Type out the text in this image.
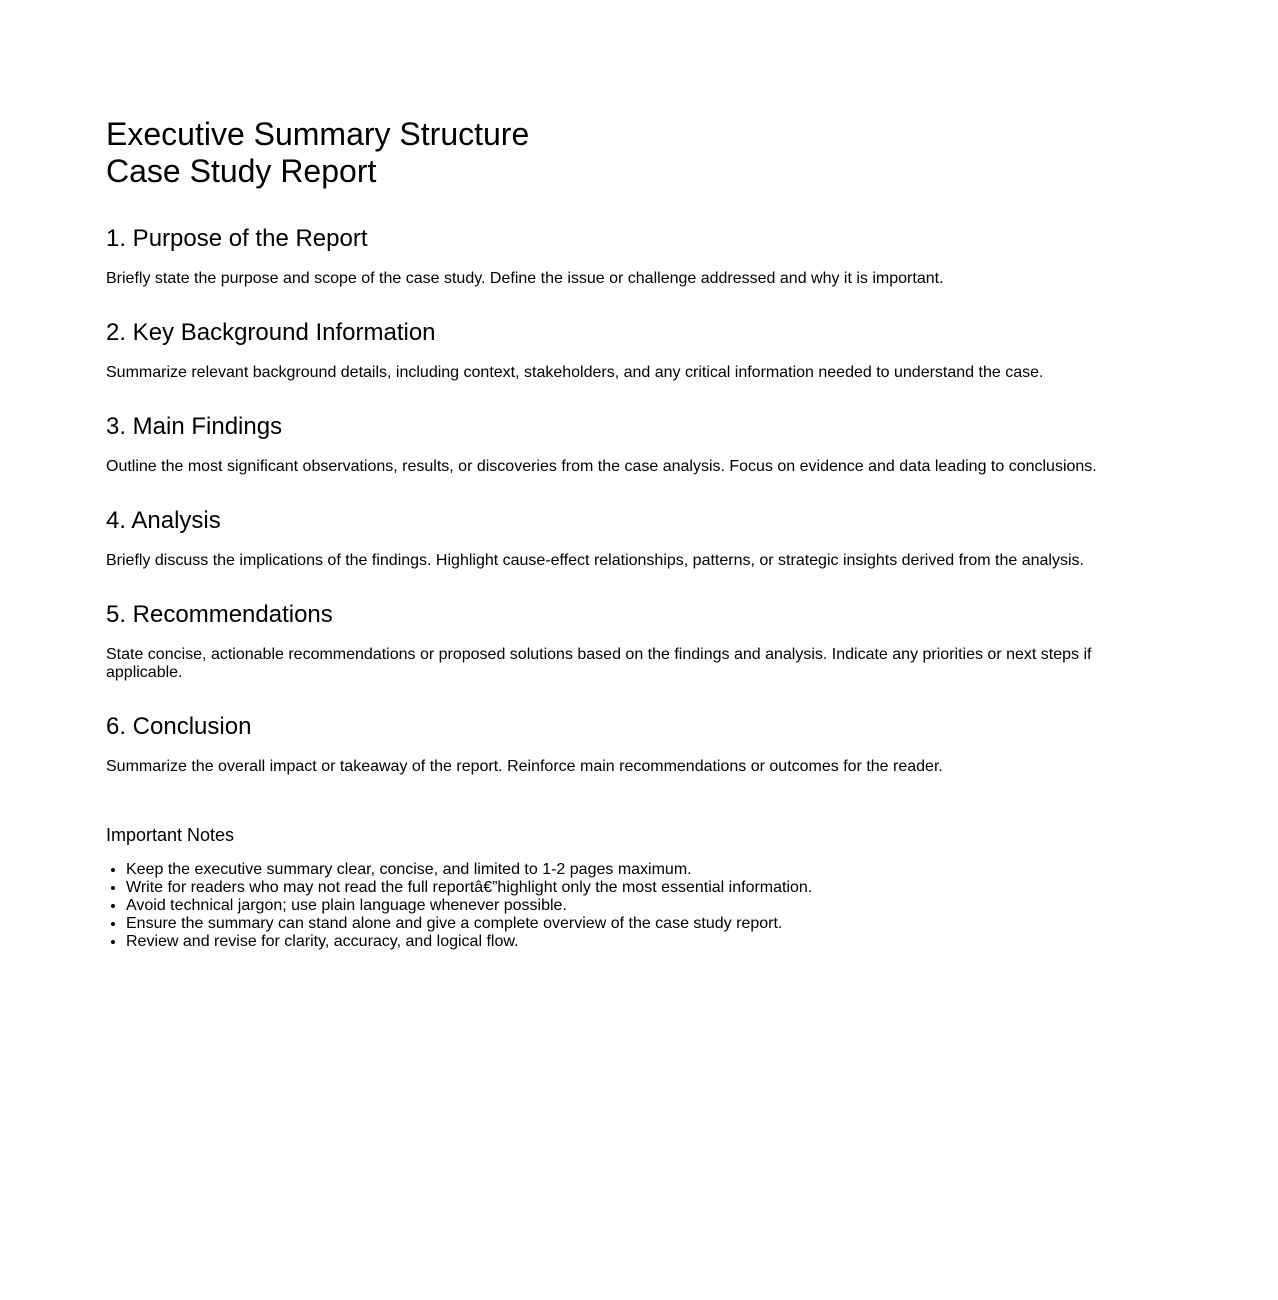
Executive Summary Structure
Case Study Report
1. Purpose of the Report

Briefly state the purpose and scope of the case study. Define the issue or challenge addressed and why it is important.

2. Key Background Information

Summarize relevant background details, including context, stakeholders, and any critical information needed to understand the case.

3. Main Findings

Outline the most significant observations, results, or discoveries from the case analysis. Focus on evidence and data leading to conclusions.

4. Analysis

Briefly discuss the implications of the findings. Highlight cause-effect relationships, patterns, or strategic insights derived from the analysis.

5. Recommendations

State concise, actionable recommendations or proposed solutions based on the findings and analysis. Indicate any priorities or next steps if applicable.

6. Conclusion

Summarize the overall impact or takeaway of the report. Reinforce main recommendations or outcomes for the reader.

Important Notes
• Keep the executive summary clear, concise, and limited to 1-2 pages maximum.
• Write for readers who may not read the full reportâ€”highlight only the most essential information.
• Avoid technical jargon; use plain language whenever possible.
• Ensure the summary can stand alone and give a complete overview of the case study report.
• Review and revise for clarity, accuracy, and logical flow.
